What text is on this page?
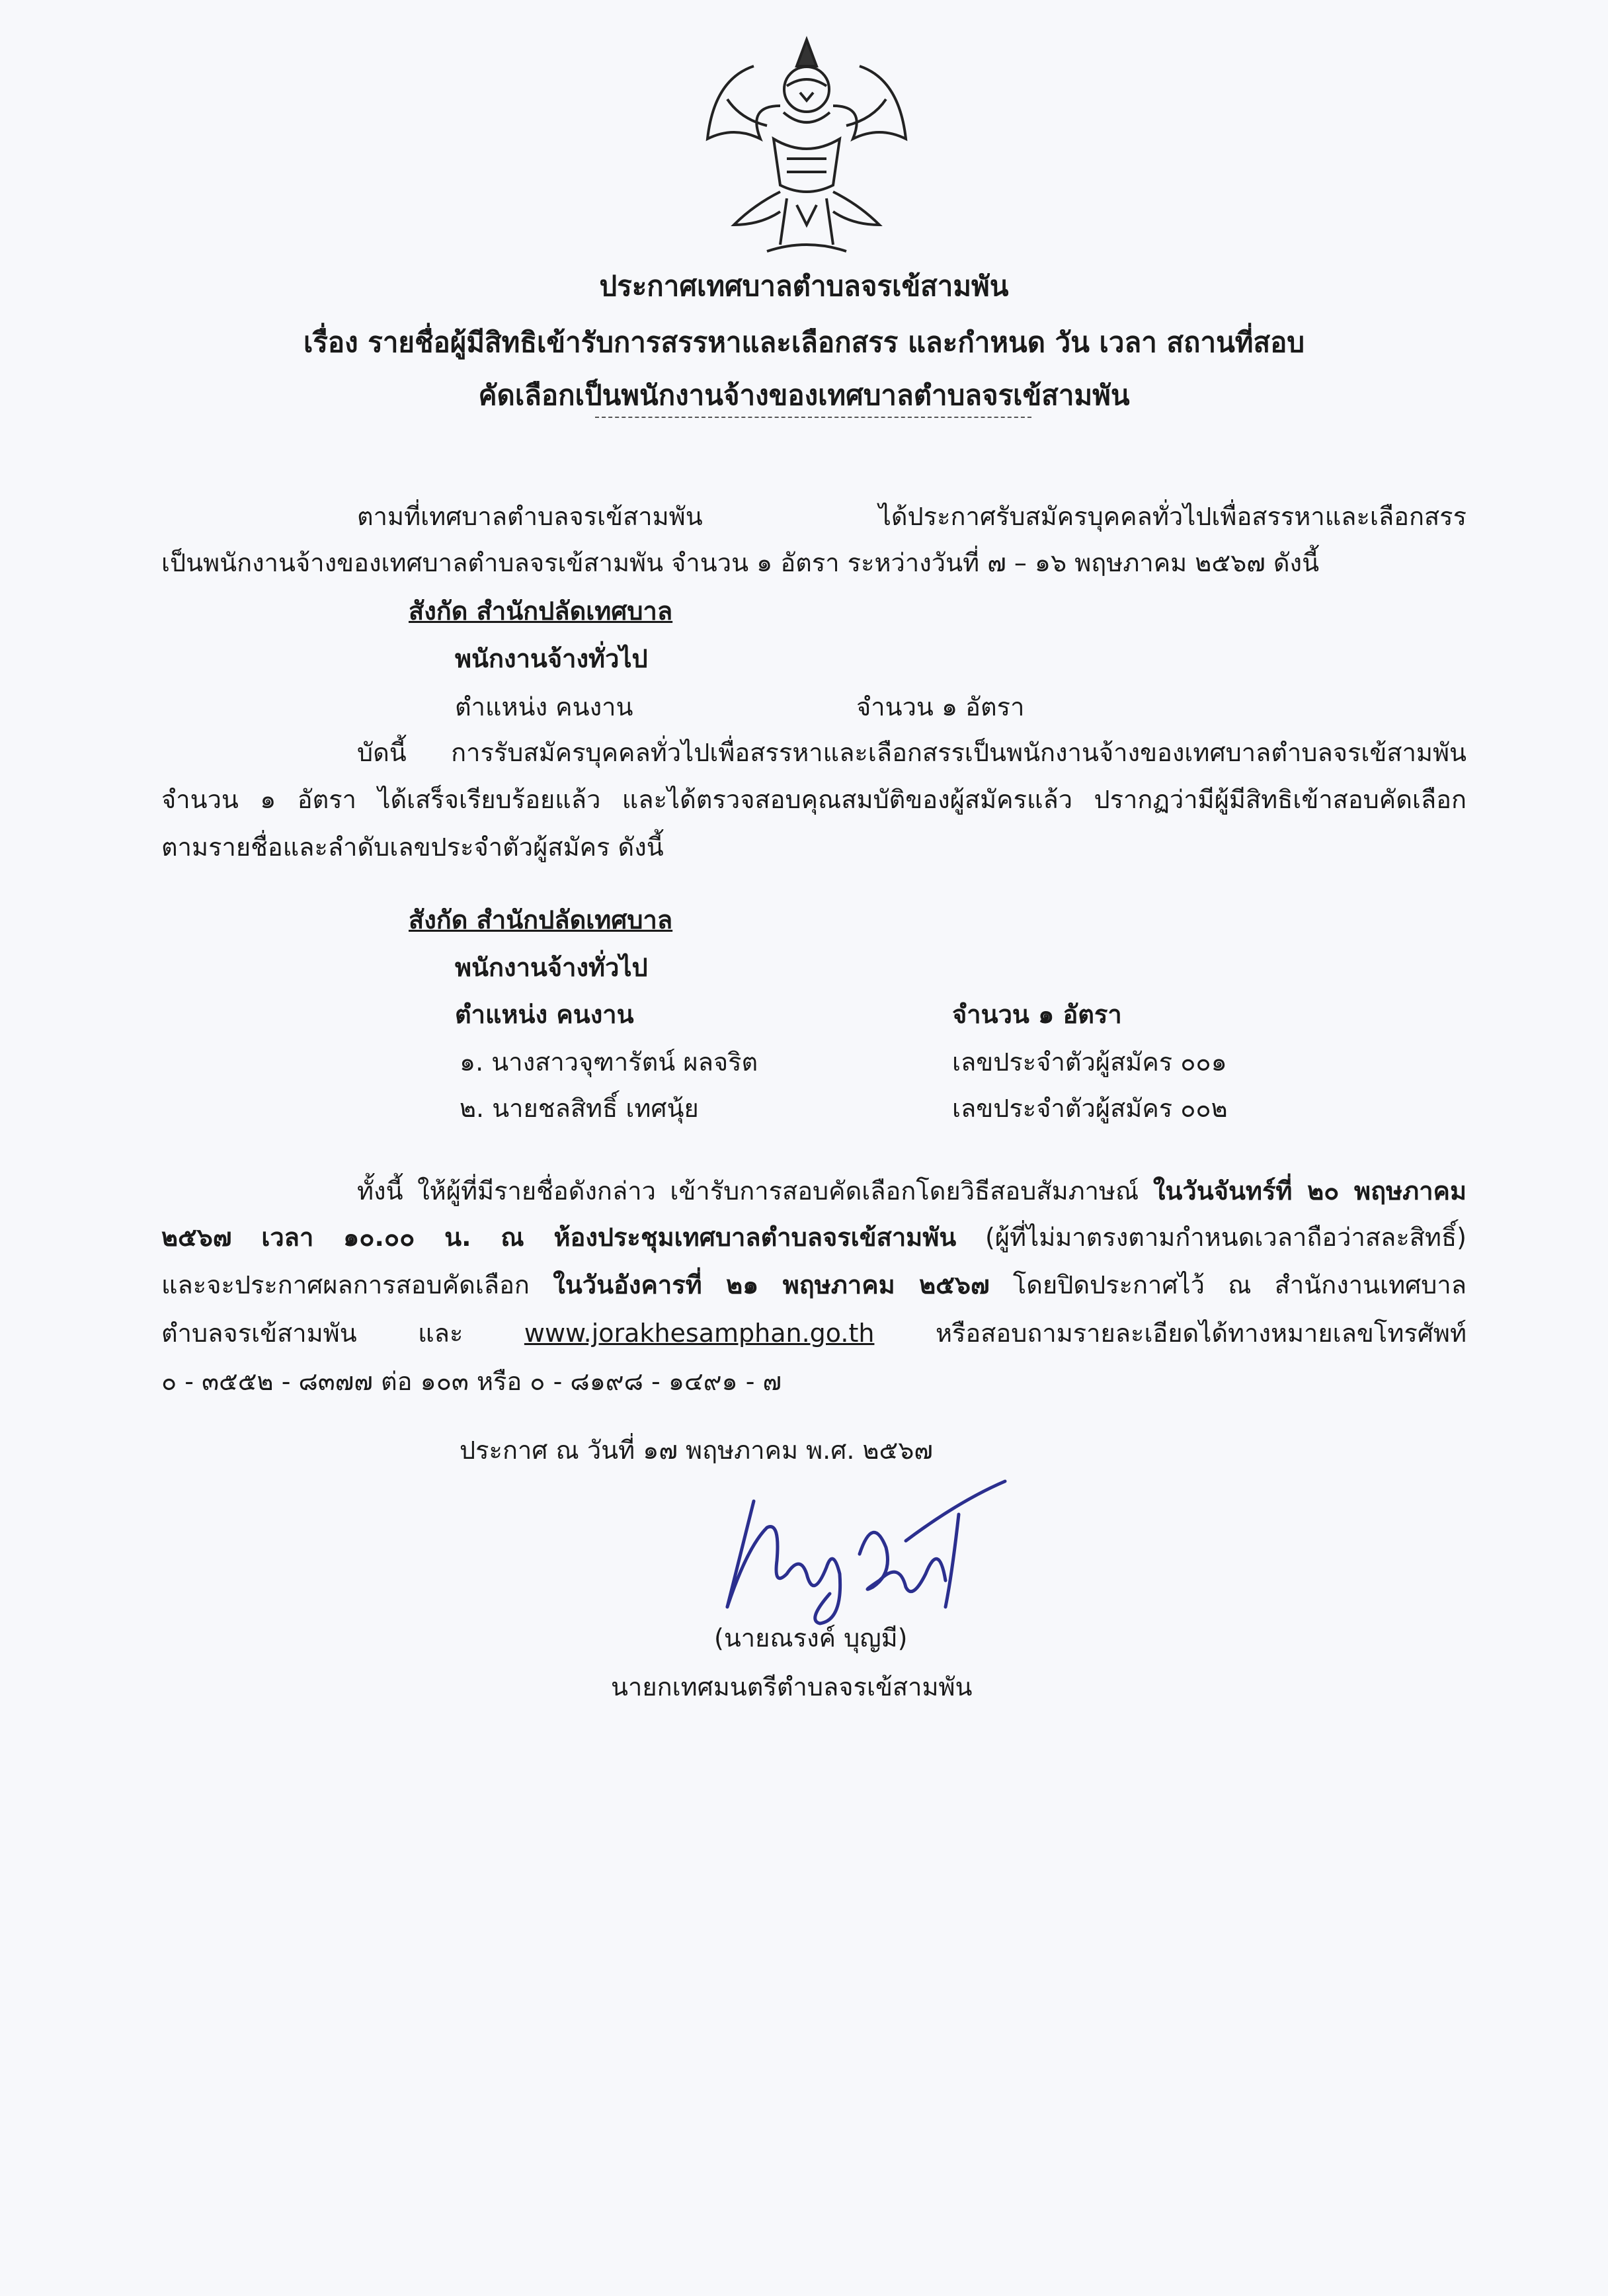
ประกาศเทศบาลตำบลจรเข้สามพัน
เรื่อง รายชื่อผู้มีสิทธิเข้ารับการสรรหาและเลือกสรร และกำหนด วัน เวลา สถานที่สอบ
คัดเลือกเป็นพนักงานจ้างของเทศบาลตำบลจรเข้สามพัน
ตามที่เทศบาลตำบลจรเข้สามพัน ได้ประกาศรับสมัครบุคคลทั่วไปเพื่อสรรหาและเลือกสรร
เป็นพนักงานจ้างของเทศบาลตำบลจรเข้สามพัน จำนวน ๑ อัตรา ระหว่างวันที่ ๗ – ๑๖ พฤษภาคม ๒๕๖๗ ดังนี้
สังกัด สำนักปลัดเทศบาล
พนักงานจ้างทั่วไป
ตำแหน่ง คนงาน	จำนวน ๑ อัตรา
บัดนี้ การรับสมัครบุคคลทั่วไปเพื่อสรรหาและเลือกสรรเป็นพนักงานจ้างของเทศบาลตำบลจรเข้สามพัน
จำนวน ๑ อัตรา ได้เสร็จเรียบร้อยแล้ว และได้ตรวจสอบคุณสมบัติของผู้สมัครแล้ว ปรากฏว่ามีผู้มีสิทธิเข้าสอบคัดเลือก
ตามรายชื่อและลำดับเลขประจำตัวผู้สมัคร ดังนี้
สังกัด สำนักปลัดเทศบาล
พนักงานจ้างทั่วไป
ตำแหน่ง คนงาน	จำนวน ๑ อัตรา
๑. นางสาวจุฑารัตน์ ผลจริต	เลขประจำตัวผู้สมัคร ๐๐๑
๒. นายชลสิทธิ์ เทศนุ้ย	เลขประจำตัวผู้สมัคร ๐๐๒
ทั้งนี้ ให้ผู้ที่มีรายชื่อดังกล่าว เข้ารับการสอบคัดเลือกโดยวิธีสอบสัมภาษณ์ ในวันจันทร์ที่ ๒๐ พฤษภาคม
๒๕๖๗ เวลา ๑๐.๐๐ น. ณ ห้องประชุมเทศบาลตำบลจรเข้สามพัน (ผู้ที่ไม่มาตรงตามกำหนดเวลาถือว่าสละสิทธิ์)
และจะประกาศผลการสอบคัดเลือก ในวันอังคารที่ ๒๑ พฤษภาคม ๒๕๖๗ โดยปิดประกาศไว้ ณ สำนักงานเทศบาล
ตำบลจรเข้สามพัน และ www.jorakhesamphan.go.th หรือสอบถามรายละเอียดได้ทางหมายเลขโทรศัพท์
๐ - ๓๕๕๒ - ๘๓๗๗ ต่อ ๑๐๓ หรือ ๐ - ๘๑๙๘ - ๑๔๙๑ - ๗
ประกาศ ณ วันที่ ๑๗ พฤษภาคม พ.ศ. ๒๕๖๗
(นายณรงค์ บุญมี)
นายกเทศมนตรีตำบลจรเข้สามพัน
